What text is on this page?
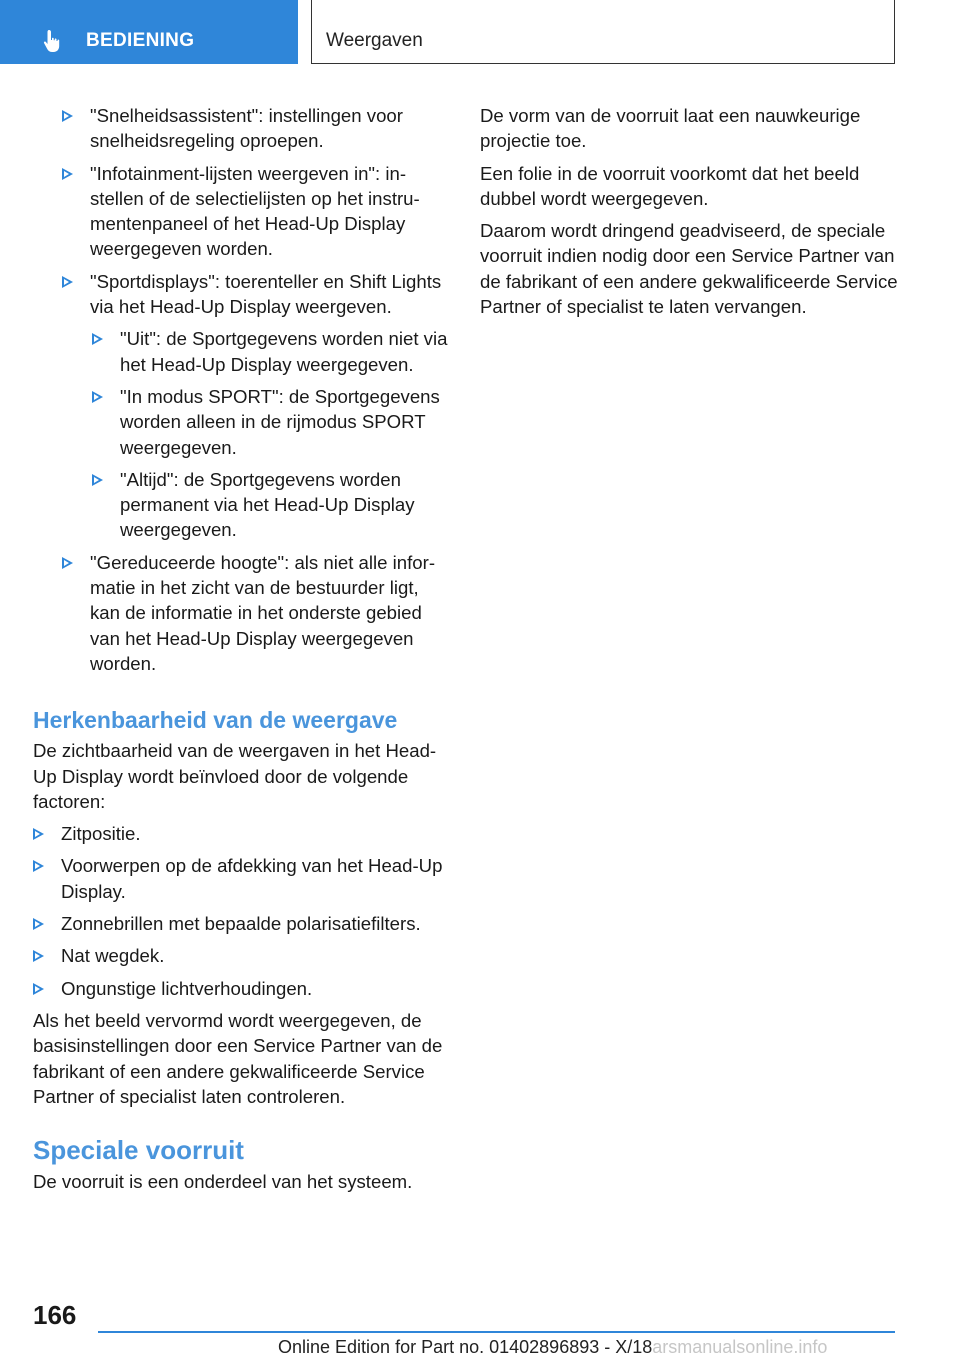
BEDIENING	Weergaven
"Snelheidsassistent": instellingen voor snelheidsregeling oproepen.
"Infotainment-lijsten weergeven in": instellen of de selectielijsten op het instrumentenpaneel of het Head-Up Display weergegeven worden.
"Sportdisplays": toerenteller en Shift Lights via het Head-Up Display weergeven.
"Uit": de Sportgegevens worden niet via het Head-Up Display weergegeven.
"In modus SPORT": de Sportgegevens worden alleen in de rijmodus SPORT weergegeven.
"Altijd": de Sportgegevens worden permanent via het Head-Up Display weergegeven.
"Gereduceerde hoogte": als niet alle informatie in het zicht van de bestuurder ligt, kan de informatie in het onderste gebied van het Head-Up Display weergegeven worden.
Herkenbaarheid van de weergave

De zichtbaarheid van de weergaven in het Head-Up Display wordt beïnvloed door de volgende factoren:

Zitpositie.
Voorwerpen op de afdekking van het Head-Up Display.
Zonnebrillen met bepaalde polarisatiefilters.
Nat wegdek.
Ongunstige lichtverhoudingen.

Als het beeld vervormd wordt weergegeven, de basisinstellingen door een Service Partner van de fabrikant of een andere gekwalificeerde Service Partner of specialist laten controleren.

Speciale voorruit

De voorruit is een onderdeel van het systeem.

De vorm van de voorruit laat een nauwkeurige projectie toe.

Een folie in de voorruit voorkomt dat het beeld dubbel wordt weergegeven.

Daarom wordt dringend geadviseerd, de speciale voorruit indien nodig door een Service Partner van de fabrikant of een andere gekwalificeerde Service Partner of specialist te laten vervangen.

166
Online Edition for Part no. 01402896893 - X/18arsmanualsonline.info
